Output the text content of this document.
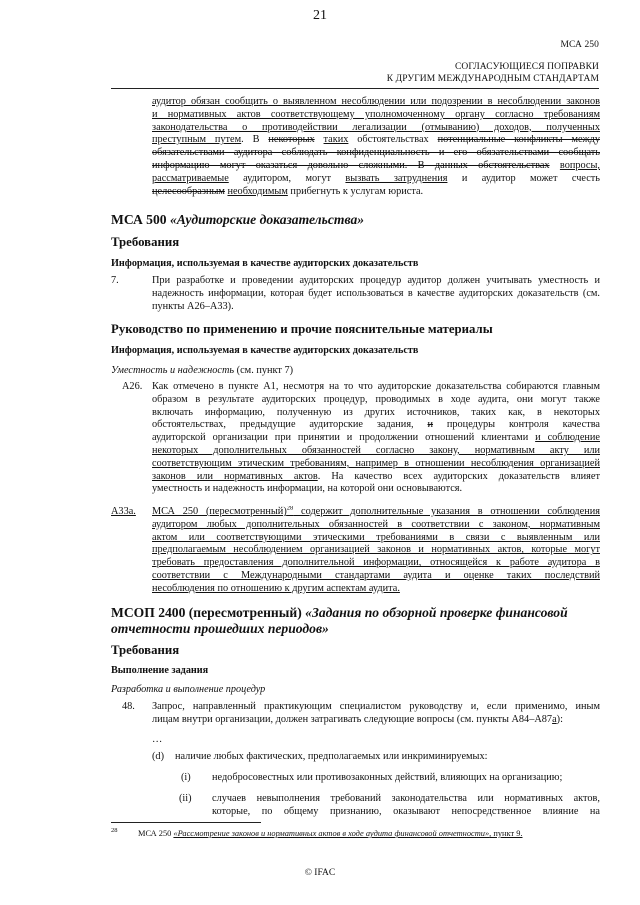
21
МСА 250
СОГЛАСУЮЩИЕСЯ ПОПРАВКИ
К ДРУГИМ МЕЖДУНАРОДНЫМ СТАНДАРТАМ
аудитор обязан сообщить о выявленном несоблюдении или подозрении в несоблюдении законов
и нормативных актов соответствующему уполномоченному органу согласно требованиям
законодательства о противодействии легализации (отмыванию) доходов, полученных
преступным путем. В некоторых таких обстоятельствах потенциальные конфликты между
обязательствами аудитора соблюдать конфиденциальность и его обязательствами сообщать
информацию могут оказаться довольно сложными. В данных обстоятельствах вопросы,
рассматриваемые аудитором, могут вызвать затруднения и аудитор может счесть
целесообразным необходимым прибегнуть к услугам юриста.
МСА 500 «Аудиторские доказательства»
Требования
Информация, используемая в качестве аудиторских доказательств
7.	При разработке и проведении аудиторских процедур аудитор должен учитывать уместность и
надежность информации, которая будет использоваться в качестве аудиторских доказательств (см.
пункты А26–А33).
Руководство по применению и прочие пояснительные материалы
Информация, используемая в качестве аудиторских доказательств
Уместность и надежность (см. пункт 7)
А26. Как отмечено в пункте А1, несмотря на то что аудиторские доказательства собираются главным
образом в результате аудиторских процедур, проводимых в ходе аудита, они могут также
включать информацию, полученную из других источников, таких как, в некоторых
обстоятельствах, предыдущие аудиторские задания, и процедуры контроля качества
аудиторской организации при принятии и продолжении отношений клиентами и соблюдение
некоторых дополнительных обязанностей согласно закону, нормативным акту или
соответствующим этическим требованиям, например в отношении несоблюдения организацией
законов или нормативных актов. На качество всех аудиторских доказательств влияет
уместность и надежность информации, на которой они основываются.
А33а. МСА 250 (пересмотренный)$^{28}$ содержит дополнительные указания в отношении соблюдения
аудитором любых дополнительных обязанностей в соответствии с законом, нормативным
актом или соответствующими этическими требованиями в связи с выявленным или
предполагаемым несоблюдением организацией законов и нормативных актов, которые могут
требовать предоставления дополнительной информации, относящейся к работе аудитора в
соответствии с Международными стандартами аудита и оценке таких последствий
несоблюдения по отношению к другим аспектам аудита.
МСОП 2400 (пересмотренный) «Задания по обзорной проверке финансовой
отчетности прошедших периодов»
Требования
Выполнение задания
Разработка и выполнение процедур
48. Запрос, направленный практикующим специалистом руководству и, если применимо, иным
лицам внутри организации, должен затрагивать следующие вопросы (см. пункты А84–А87а):
…
(d) наличие любых фактических, предполагаемых или инкриминируемых:
(i) недобросовестных или противозаконных действий, влияющих на организацию;
(ii) случаев невыполнения требований законодательства или нормативных актов,
которые, по общему признанию, оказывают непосредственное влияние на
$^{28}$ МСА 250 «Рассмотрение законов и нормативных актов в ходе аудита финансовой отчетности», пункт 9.
© IFAC
